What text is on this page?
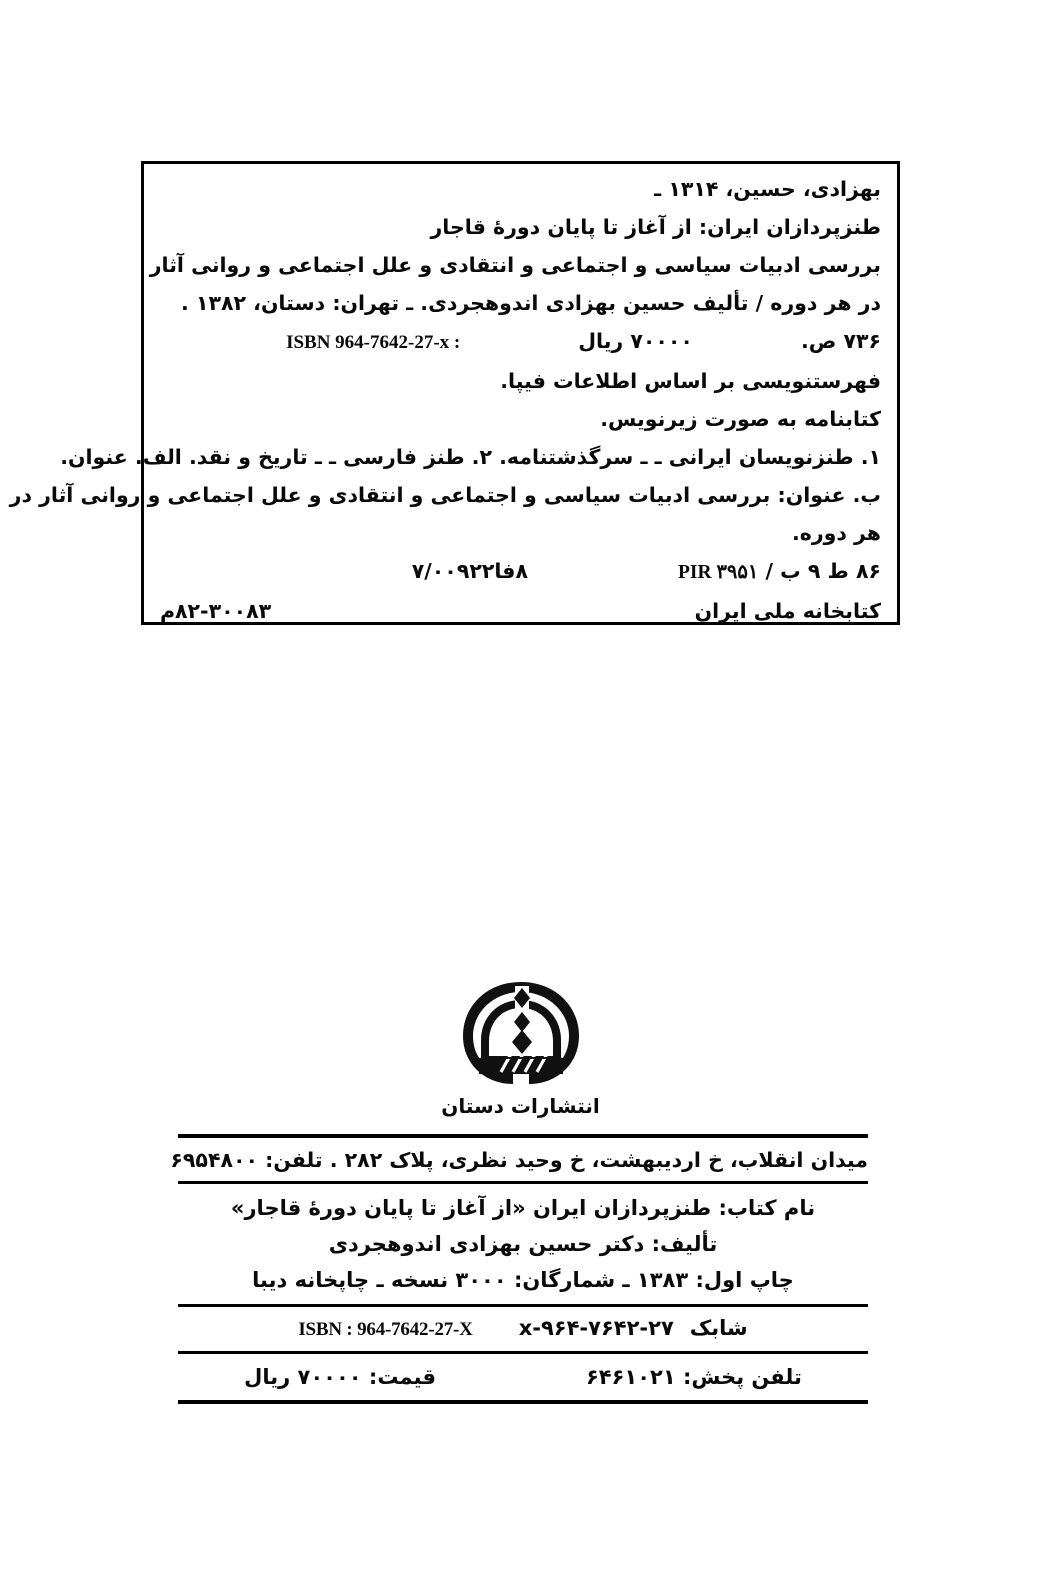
بهزادی، حسین، ۱۳۱۴ ـ
طنزپردازان ایران: از آغاز تا پایان دورهٔ قاجار
بررسی ادبیات سیاسی و اجتماعی و انتقادی و علل اجتماعی و روانی آثار
در هر دوره / تألیف حسین بهزادی اندوهجردی. ـ تهران: دستان، ۱۳۸۲ .
۷۳۶ ص.
۷۰۰۰۰ ریال
ISBN 964-7642-27-x :
فهرستنویسی بر اساس اطلاعات فیپا.
کتابنامه به صورت زیرنویس.
۱. طنزنویسان ایرانی ـ ـ سرگذشتنامه. ۲. طنز فارسی ـ ـ تاریخ و نقد. الف. عنوان.
ب. عنوان: بررسی ادبیات سیاسی و اجتماعی و انتقادی و علل اجتماعی و روانی آثار در
هر دوره.
۸۶ ط ۹ ب / PIR ۳۹۵۱
۸فا۷/۰۰۹۲۲
کتابخانه ملی ایران
۸۲-۳۰۰۸۳م
انتشارات دستان
میدان انقلاب، خ اردیبهشت، خ وحید نظری، پلاک ۲۸۲ . تلفن: ۶۹۵۴۸۰۰
نام کتاب: طنزپردازان ایران «از آغاز تا پایان دورهٔ قاجار»
تألیف: دکتر حسین بهزادی اندوهجردی
چاپ اول: ۱۳۸۳ ـ شمارگان: ۳۰۰۰ نسخه ـ چاپخانه دیبا
شابک
۹۶۴-۷۶۴۲-۲۷-x
ISBN : 964-7642-27-X
تلفن پخش: ۶۴۶۱۰۲۱
قیمت: ۷۰۰۰۰ ریال
